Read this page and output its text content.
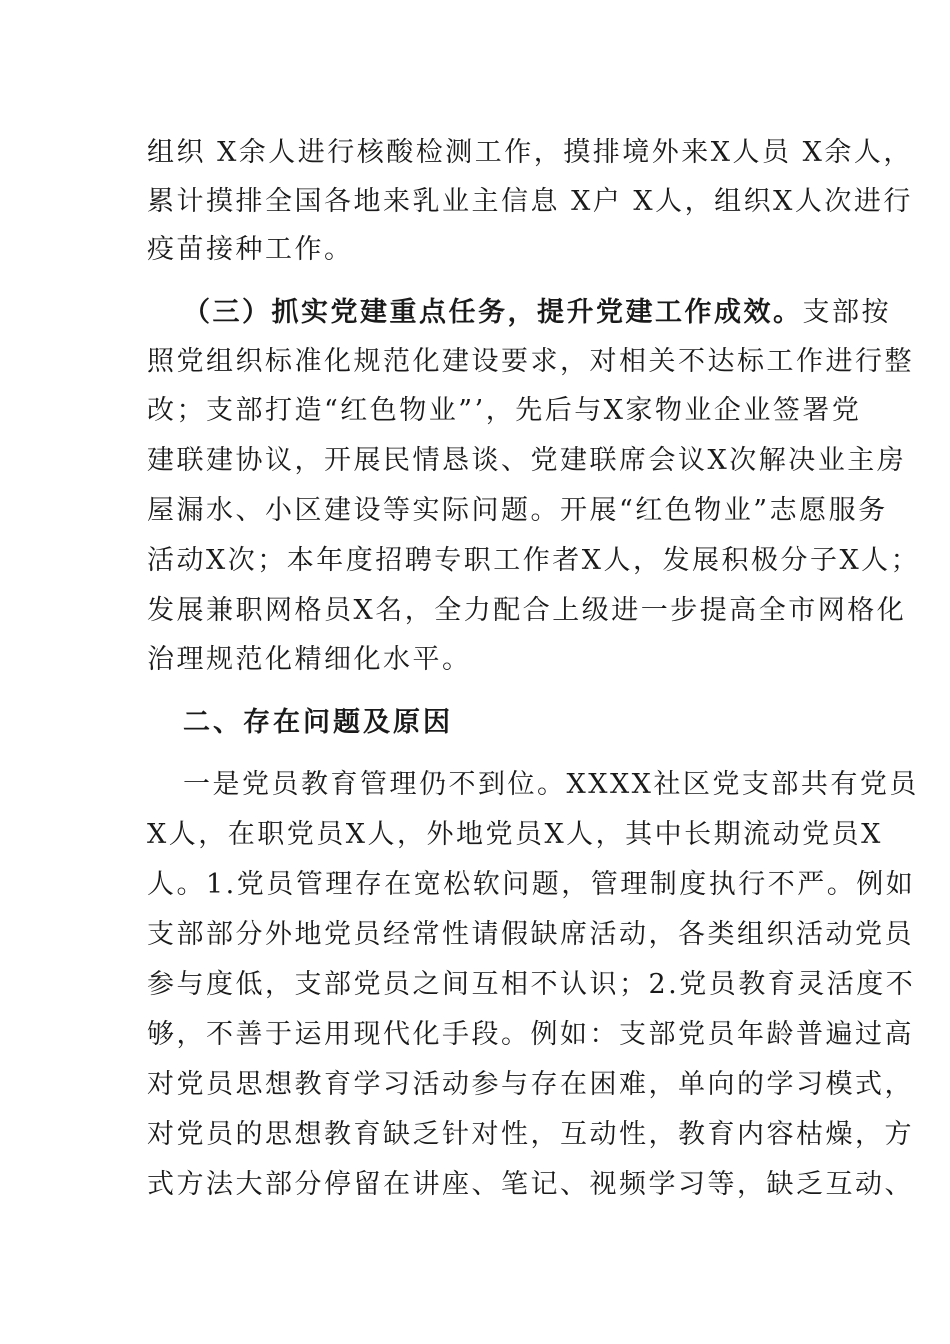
组织 X余人进行核酸检测工作，摸排境外来X人员 X余人，
累计摸排全国各地来乳业主信息 X户 X人，组织X人次进行
疫苗接种工作。
（三）抓实党建重点任务，提升党建工作成效。支部按
照党组织标准化规范化建设要求，对相关不达标工作进行整
改；支部打造“红色物业”’，先后与X家物业企业签署党
建联建协议，开展民情恳谈、党建联席会议X次解决业主房
屋漏水、小区建设等实际问题。开展“红色物业”志愿服务
活动X次；本年度招聘专职工作者X人，发展积极分子X人；
发展兼职网格员X名，全力配合上级进一步提高全市网格化
治理规范化精细化水平。
二、存在问题及原因
一是党员教育管理仍不到位。XXXX社区党支部共有党员
X人，在职党员X人，外地党员X人，其中长期流动党员X
人。1.党员管理存在宽松软问题，管理制度执行不严。例如
支部部分外地党员经常性请假缺席活动，各类组织活动党员
参与度低，支部党员之间互相不认识；2.党员教育灵活度不
够，不善于运用现代化手段。例如：支部党员年龄普遍过高
对党员思想教育学习活动参与存在困难，单向的学习模式，
对党员的思想教育缺乏针对性，互动性，教育内容枯燥，方
式方法大部分停留在讲座、笔记、视频学习等，缺乏互动、
